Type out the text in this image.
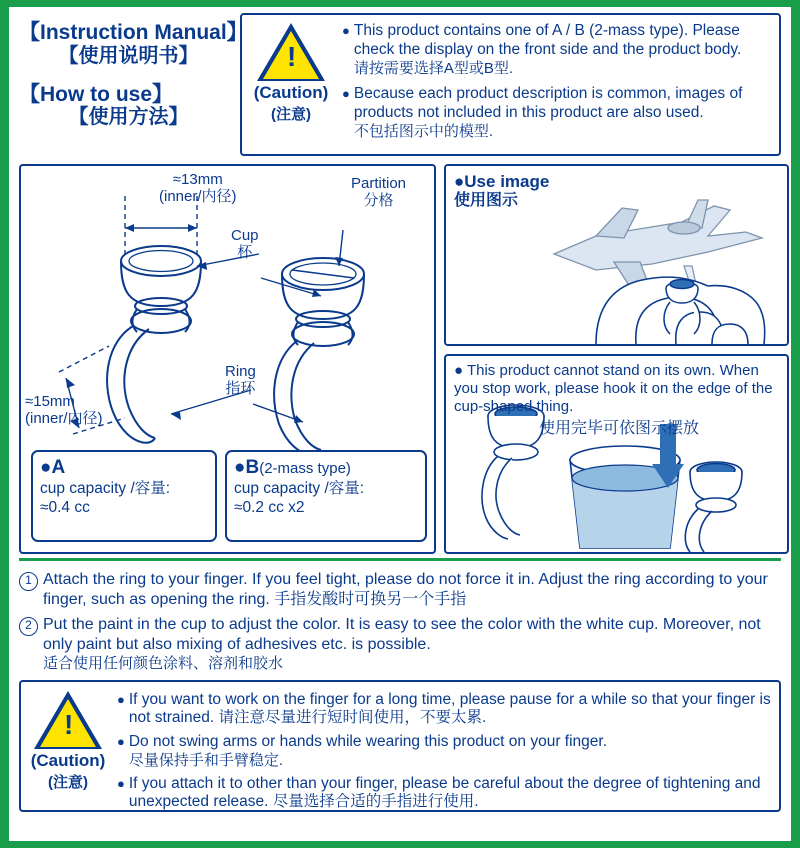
【Instruction Manual】
【使用说明书】
【How to use】
【使用方法】
!
(Caution)
(注意)
● This product contains one of A / B (2-mass type). Please check the display on the front side and the product body.
请按需要选择A型或B型.
● Because each product description is common, images of products not included in this product are also used.
不包括图示中的模型.
≈13mm
(inner/内径)
≈15mm
(inner/内径)
Partition
分格
Cup
杯
Ring
指环
●A
cup capacity /容量:
≈0.4 cc
●B(2-mass type)
cup capacity /容量:
≈0.2 cc x2
●Use image
使用图示
● This product cannot stand on its own. When you stop work, please hook it on the edge of the cup-shaped thing.
使用完毕可依图示摆放
1 Attach the ring to your finger. If you feel tight, please do not force it in. Adjust the ring according to your finger, such as opening the ring. 手指发酸时可换另一个手指
2 Put the paint in the cup to adjust the color. It is easy to see the color with the white cup. Moreover, not only paint but also mixing of adhesives etc. is possible.
适合使用任何颜色涂料、溶剂和胶水
!
(Caution)
(注意)
● If you want to work on the finger for a long time, please pause for a while so that your finger is not strained. 请注意尽量进行短时间使用，不要太累.
● Do not swing arms or hands while wearing this product on your finger.
尽量保持手和手臂稳定.
● If you attach it to other than your finger, please be careful about the degree of tightening and unexpected release. 尽量选择合适的手指进行使用.
